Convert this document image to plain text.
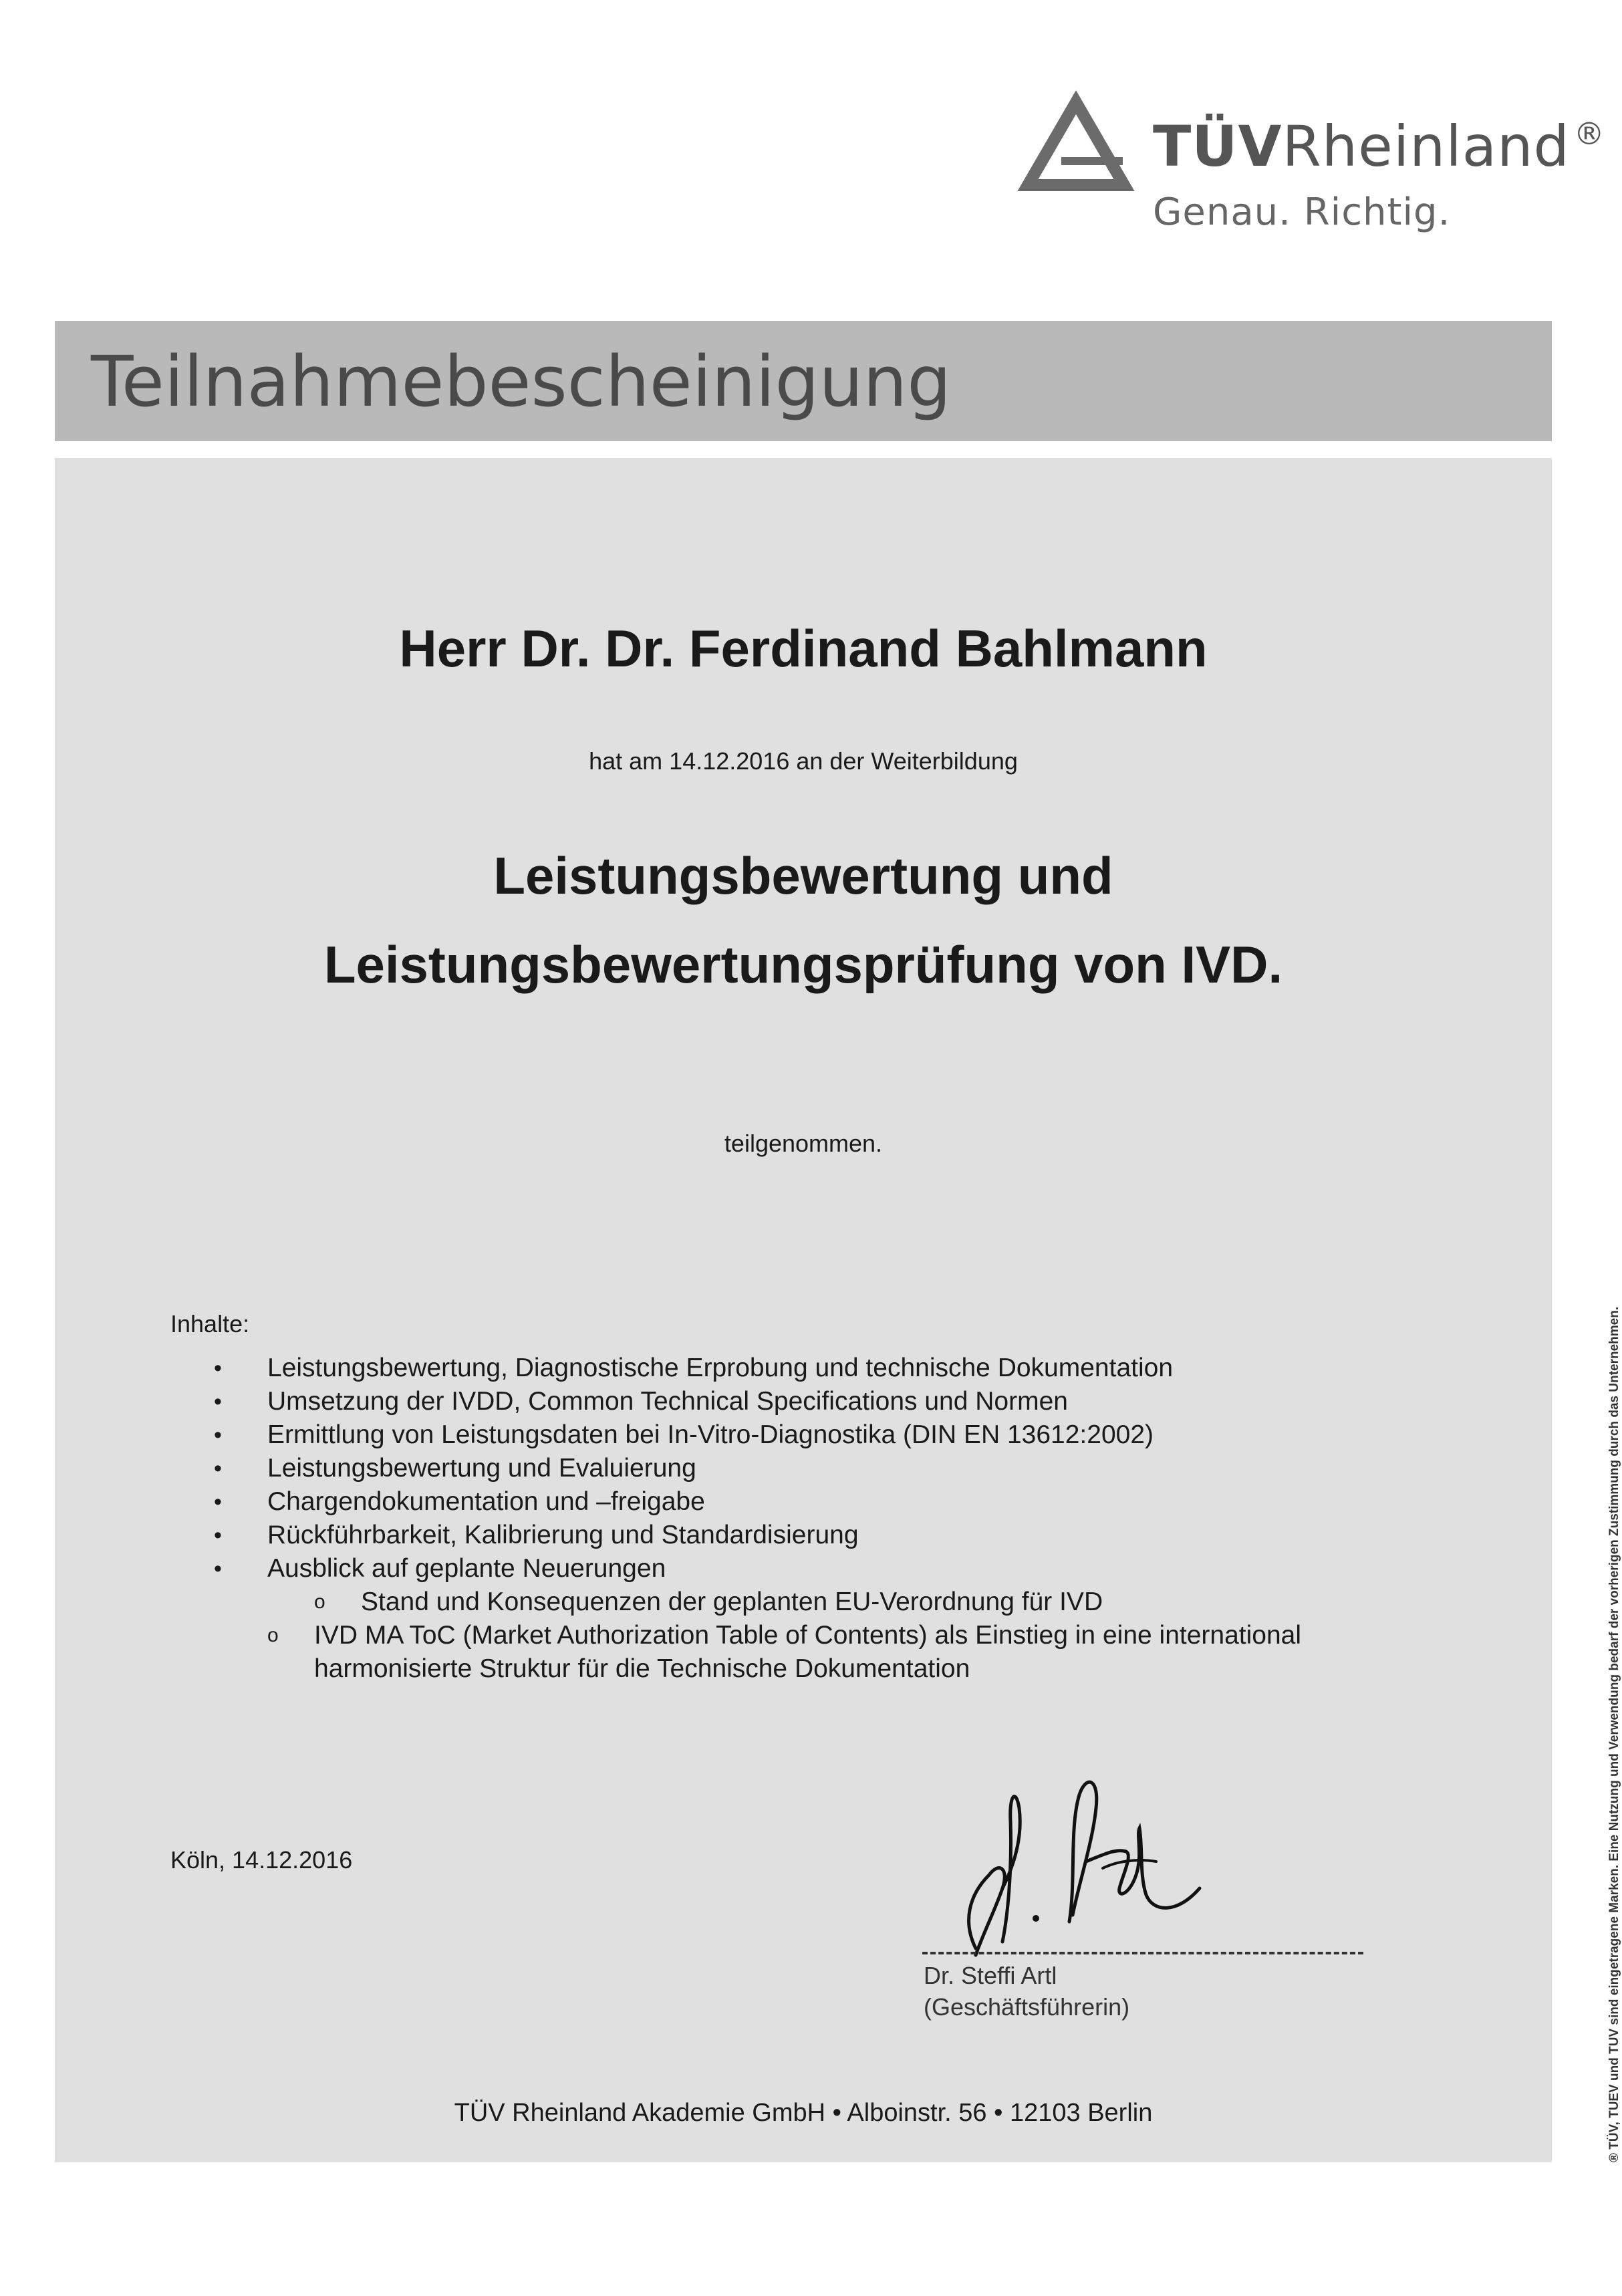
TÜVRheinland ®
Genau. Richtig.
Teilnahmebescheinigung
Herr Dr. Dr. Ferdinand Bahlmann
hat am 14.12.2016 an der Weiterbildung
Leistungsbewertung und
Leistungsbewertungsprüfung von IVD.
teilgenommen.
Inhalte:
•	Leistungsbewertung, Diagnostische Erprobung und technische Dokumentation
•	Umsetzung der IVDD, Common Technical Specifications und Normen
•	Ermittlung von Leistungsdaten bei In-Vitro-Diagnostika (DIN EN 13612:2002)
•	Leistungsbewertung und Evaluierung
•	Chargendokumentation und –freigabe
•	Rückführbarkeit, Kalibrierung und Standardisierung
•	Ausblick auf geplante Neuerungen
o	Stand und Konsequenzen der geplanten EU-Verordnung für IVD
o	IVD MA ToC (Market Authorization Table of Contents) als Einstieg in eine international harmonisierte Struktur für die Technische Dokumentation
Köln, 14.12.2016
Dr. Steffi Artl
(Geschäftsführerin)
TÜV Rheinland Akademie GmbH • Alboinstr. 56 • 12103 Berlin	® TÜV, TUEV und TUV sind eingetragene Marken. Eine Nutzung und Verwendung bedarf der vorherigen Zustimmung durch das Unternehmen.
